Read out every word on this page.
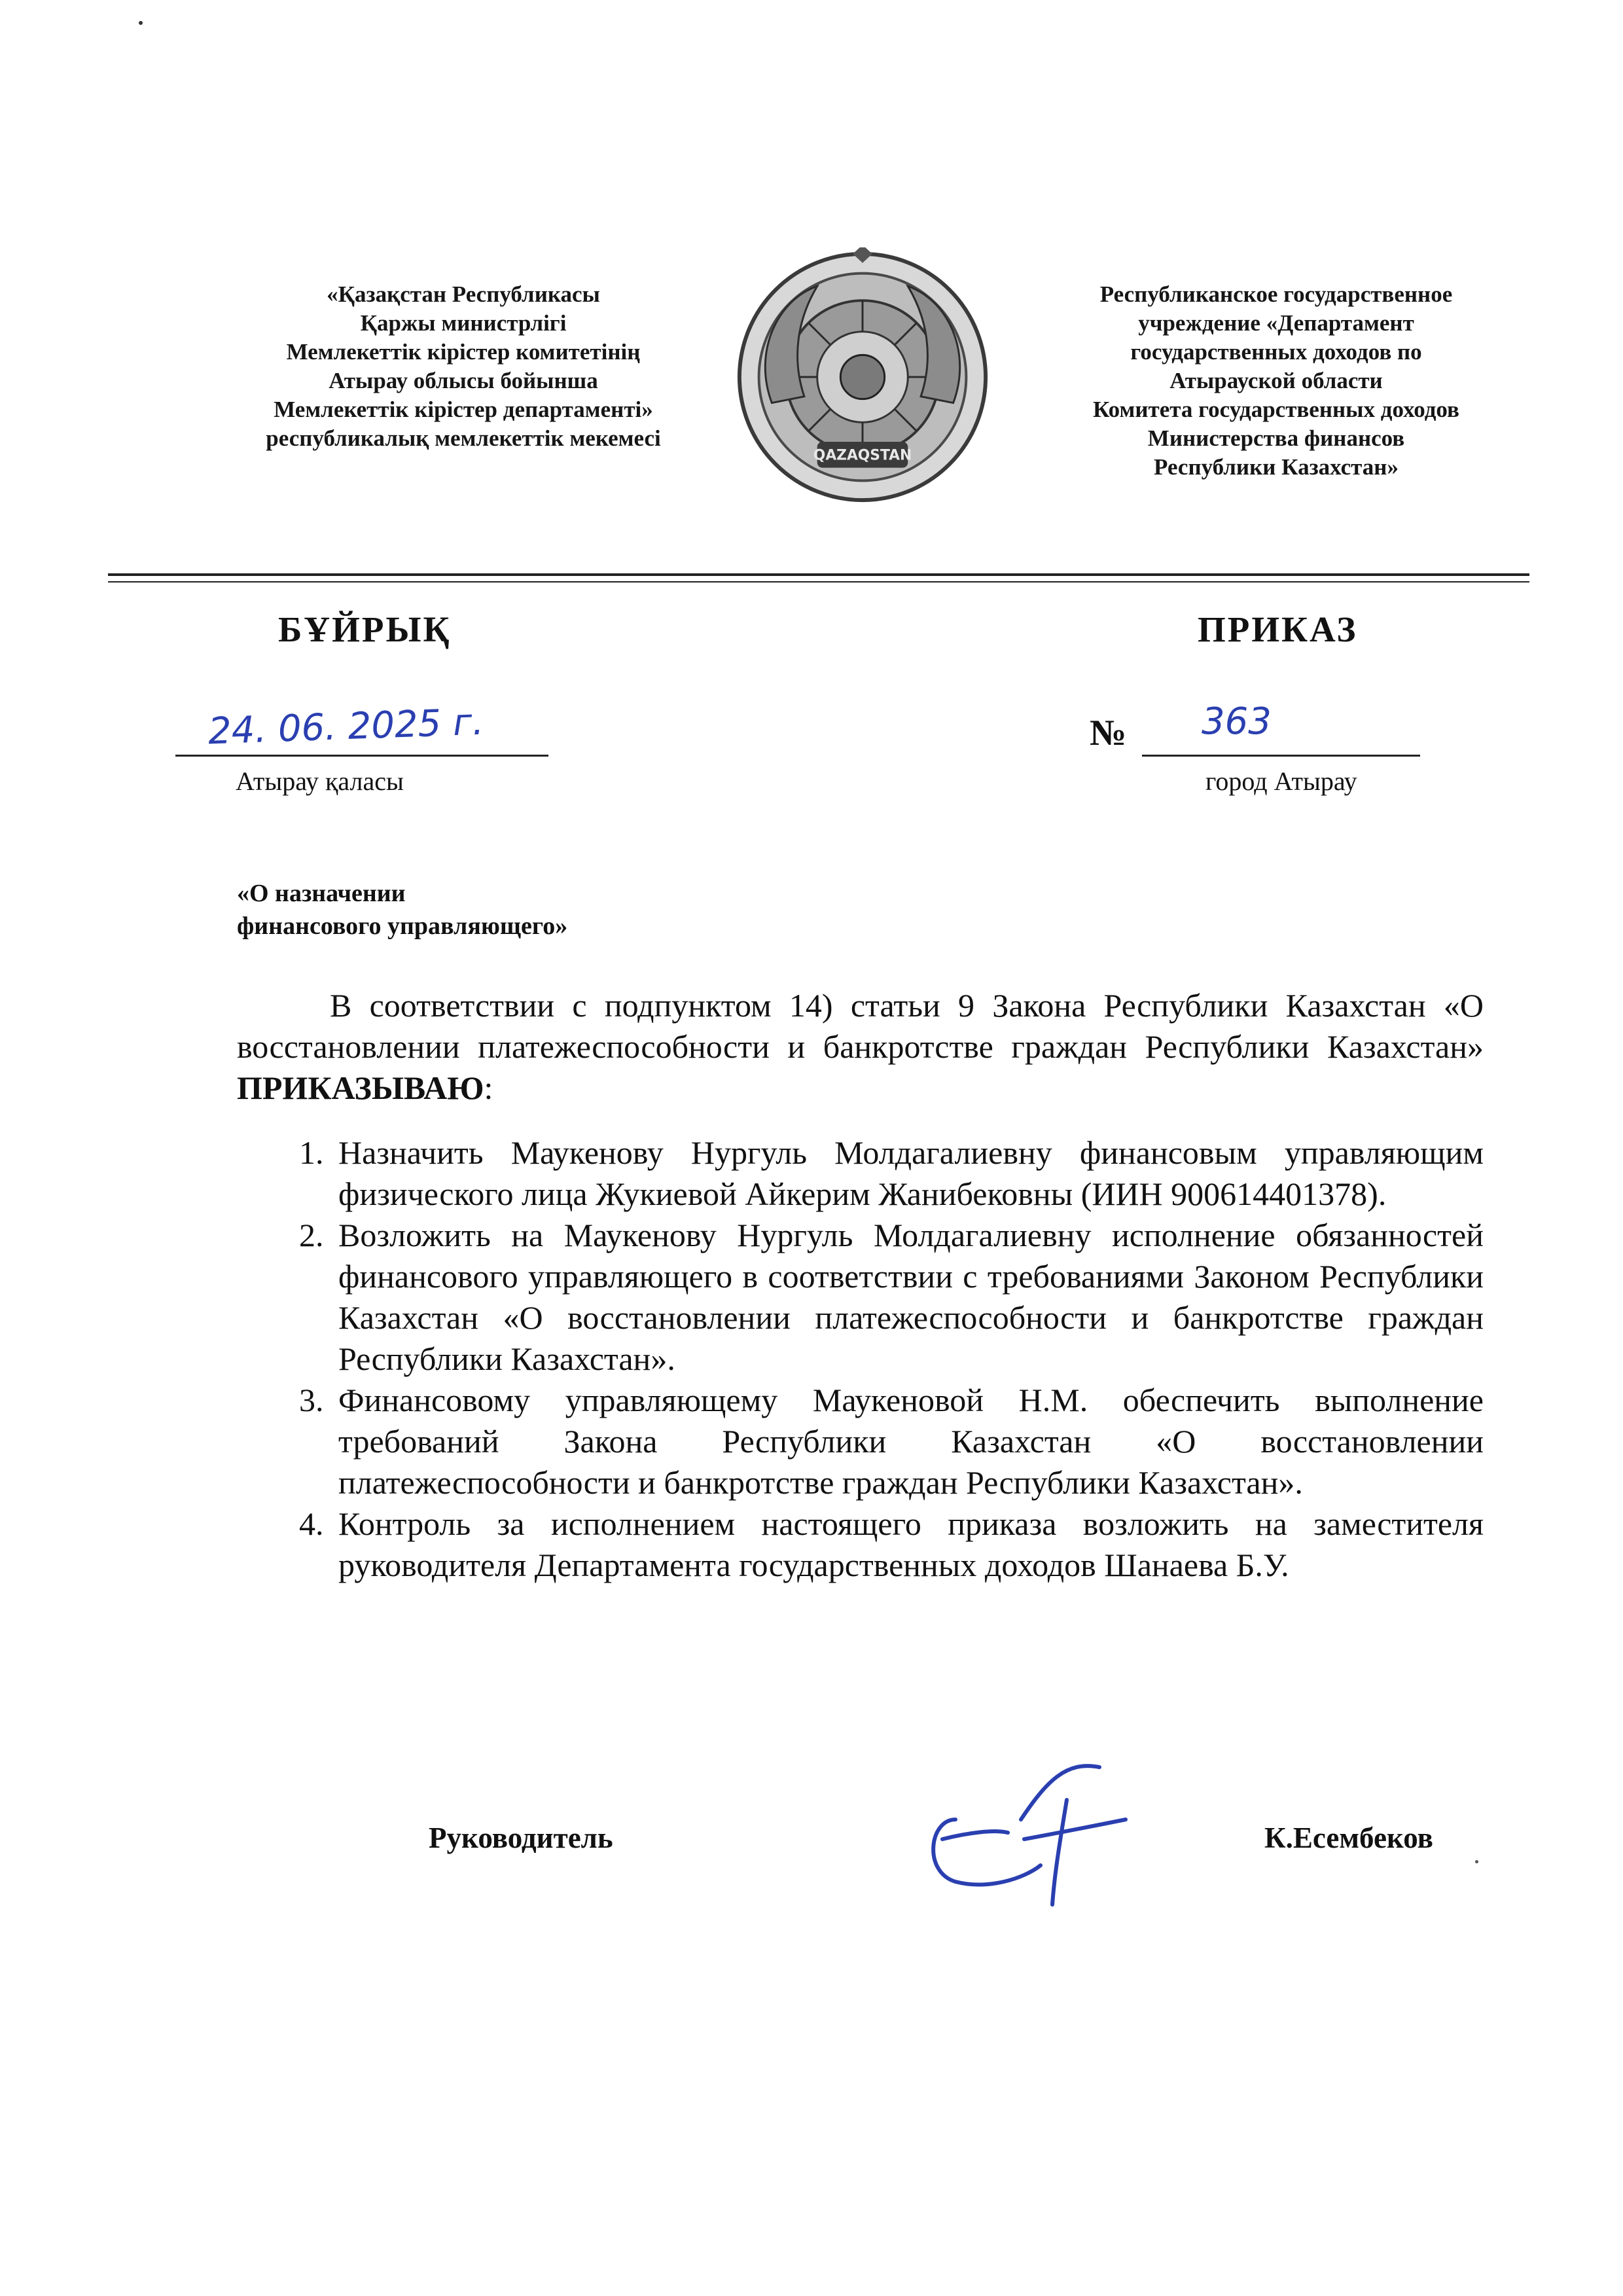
«Қазақстан Республикасы
Қаржы министрлігі
Мемлекеттік кірістер комитетінің
Атырау облысы бойынша
Мемлекеттік кірістер департаменті»
республикалық мемлекеттік мекемесі
QAZAQSTAN
Республиканское государственное
учреждение «Департамент
государственных доходов по
Атырауской области
Комитета государственных доходов
Министерства финансов
Республики Казахстан»
БҰЙРЫҚ	ПРИКАЗ
24. 06. 2025 г.
Атырау қаласы
№ 363
город Атырау
«О назначении
финансового управляющего»

В соответствии с подпунктом 14) статьи 9 Закона Республики Казахстан «О восстановлении платежеспособности и банкротстве граждан Республики Казахстан» ПРИКАЗЫВАЮ:

1. Назначить Маукенову Нургуль Молдагалиевну финансовым управляющим физического лица Жукиевой Айкерим Жанибековны (ИИН 900614401378).
2. Возложить на Маукенову Нургуль Молдагалиевну исполнение обязанностей финансового управляющего в соответствии с требованиями Законом Республики Казахстан «О восстановлении платежеспособности и банкротстве граждан Республики Казахстан».
3. Финансовому управляющему Маукеновой Н.М. обеспечить выполнение требований Закона Республики Казахстан «О восстановлении платежеспособности и банкротстве граждан Республики Казахстан».
4. Контроль за исполнением настоящего приказа возложить на заместителя руководителя Департамента государственных доходов Шанаева Б.У.
Руководитель	К.Есембеков
